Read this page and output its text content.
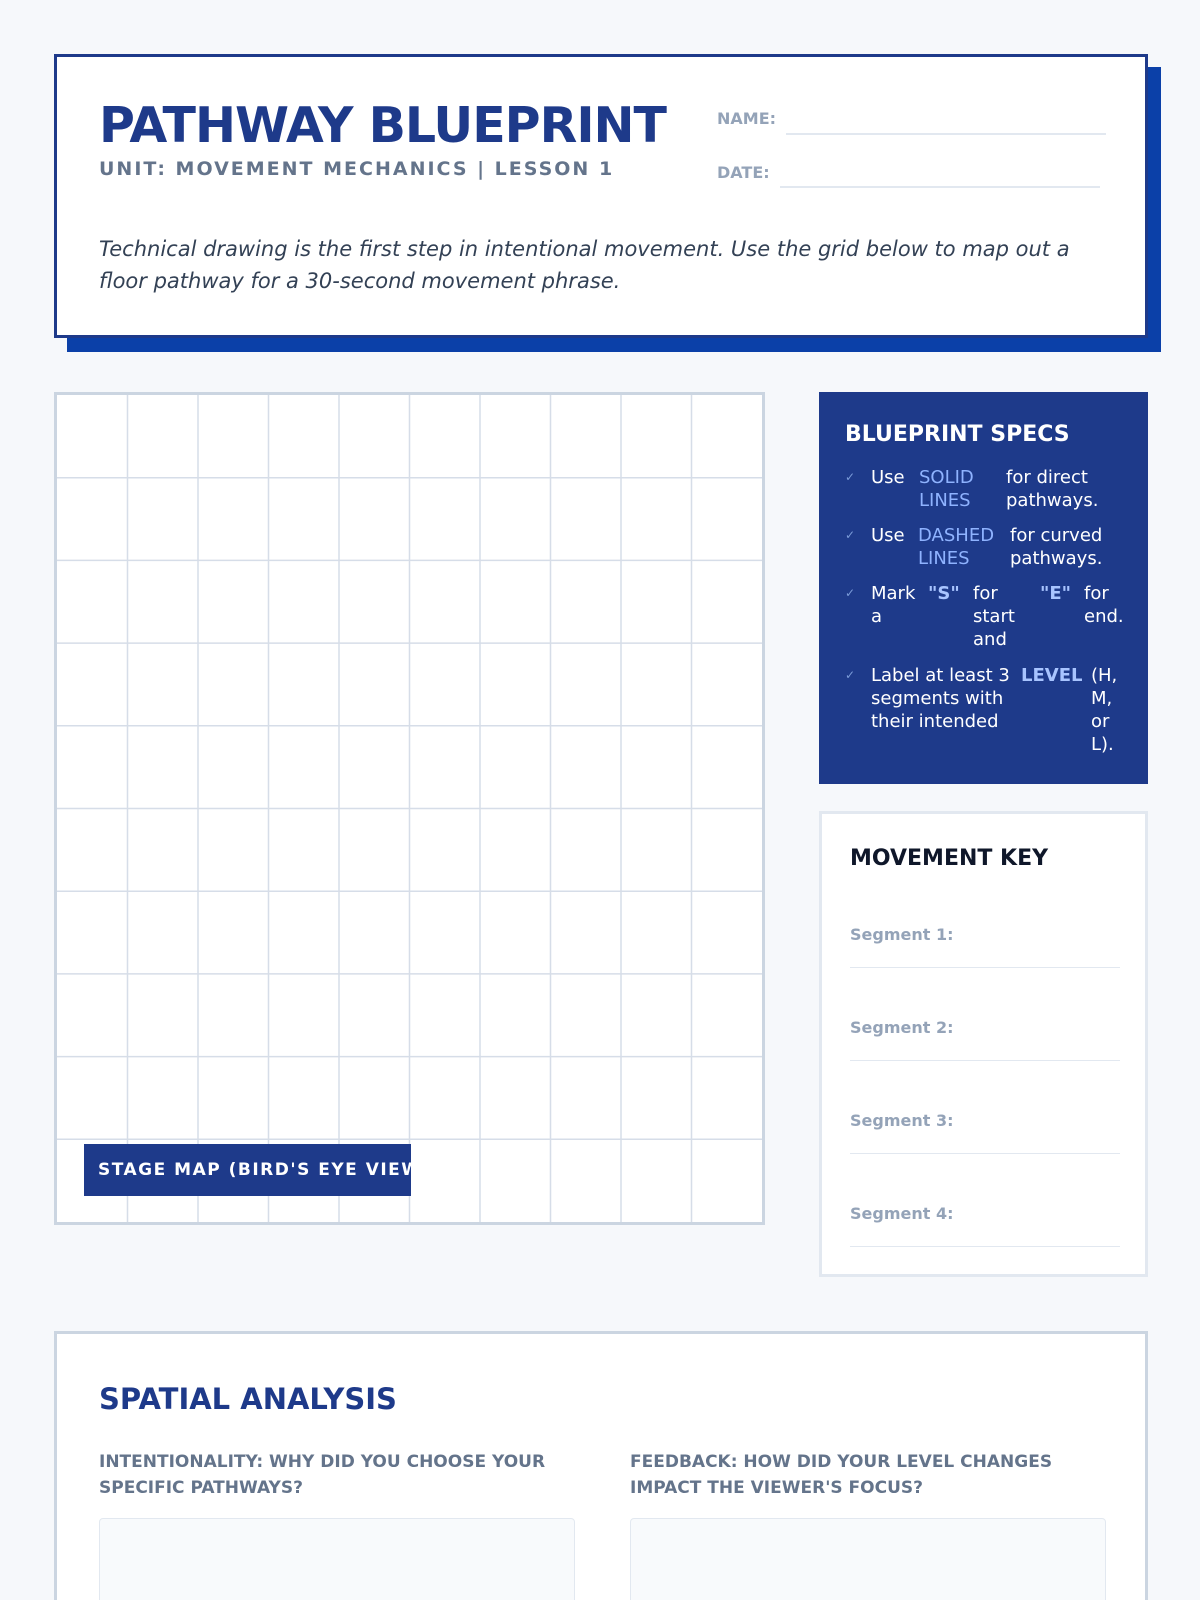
PATHWAY BLUEPRINT
UNIT: MOVEMENT MECHANICS | LESSON 1
NAME:
DATE:
Technical drawing is the first step in intentional movement. Use the grid below to map out a floor pathway for a 30-second movement phrase.
STAGE MAP (BIRD'S EYE VIEW)
BLUEPRINT SPECS
✓ Use SOLID LINES
for direct pathways.
✓ Use DASHED LINES
for curved pathways.
✓ Mark a
"S" for start and
"E" for end.
✓ Label at least 3 segments with their intended
LEVEL (H, M, or L).
MOVEMENT KEY
Segment 1:
Segment 2:
Segment 3:
Segment 4:
SPATIAL ANALYSIS
INTENTIONALITY: WHY DID YOU CHOOSE YOUR SPECIFIC PATHWAYS?
FEEDBACK: HOW DID YOUR LEVEL CHANGES IMPACT THE VIEWER'S FOCUS?
